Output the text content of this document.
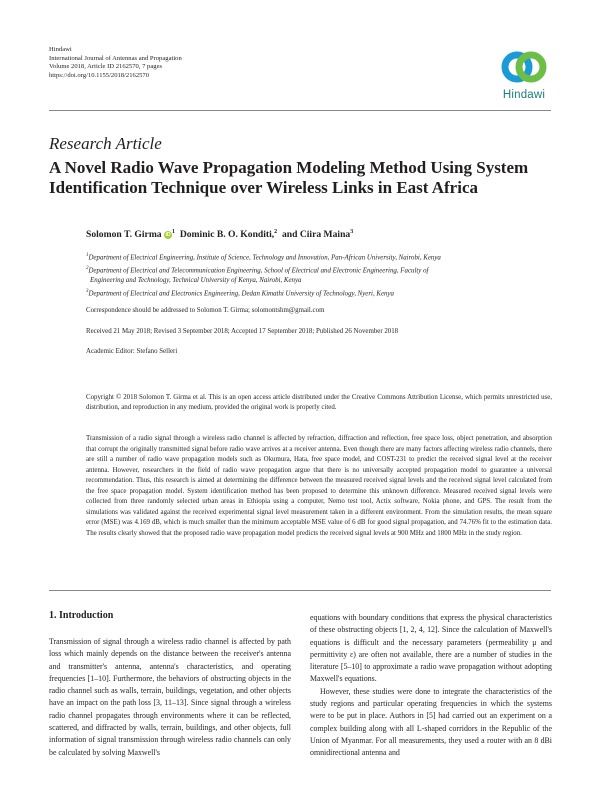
Hindawi
International Journal of Antennas and Propagation
Volume 2018, Article ID 2162570, 7 pages
https://doi.org/10.1155/2018/2162570
Hindawi
Research Article
A Novel Radio Wave Propagation Modeling Method Using System Identification Technique over Wireless Links in East Africa
Solomon T. Girma $iD^1$ Dominic B. O. Konditi,$^2$ and Ciira Maina$^3$
$^1$Department of Electrical Engineering, Institute of Science, Technology and Innovation, Pan-African University, Nairobi, Kenya
$^2$Department of Electrical and Telecommunication Engineering, School of Electrical and Electronic Engineering, Faculty of
Engineering and Technology, Technical University of Kenya, Nairobi, Kenya
$^3$Department of Electrical and Electronics Engineering, Dedan Kimathi University of Technology, Nyeri, Kenya
Correspondence should be addressed to Solomon T. Girma; solomontshm@gmail.com
Received 21 May 2018; Revised 3 September 2018; Accepted 17 September 2018; Published 26 November 2018
Academic Editor: Stefano Selleri
Copyright © 2018 Solomon T. Girma et al. This is an open access article distributed under the Creative Commons Attribution License, which permits unrestricted use, distribution, and reproduction in any medium, provided the original work is properly cited.
Transmission of a radio signal through a wireless radio channel is affected by refraction, diffraction and reflection, free space loss, object penetration, and absorption that corrupt the originally transmitted signal before radio wave arrives at a receiver antenna. Even though there are many factors affecting wireless radio channels, there are still a number of radio wave propagation models such as Okumura, Hata, free space model, and COST-231 to predict the received signal level at the receiver antenna. However, researchers in the field of radio wave propagation argue that there is no universally accepted propagation model to guarantee a universal recommendation. Thus, this research is aimed at determining the difference between the measured received signal levels and the received signal level calculated from the free space propagation model. System identification method has been proposed to determine this unknown difference. Measured received signal levels were collected from three randomly selected urban areas in Ethiopia using a computer, Nemo test tool, Actix software, Nokia phone, and GPS. The result from the simulations was validated against the received experimental signal level measurement taken in a different environment. From the simulation results, the mean square error (MSE) was 4.169 dB, which is much smaller than the minimum acceptable MSE value of 6 dB for good signal propagation, and 74.76% fit to the estimation data. The results clearly showed that the proposed radio wave propagation model predicts the received signal levels at 900 MHz and 1800 MHz in the study region.
1. Introduction

Transmission of signal through a wireless radio channel is affected by path loss which mainly depends on the distance between the receiver's antenna and transmitter's antenna, antenna's characteristics, and operating frequencies [1–10]. Furthermore, the behaviors of obstructing objects in the radio channel such as walls, terrain, buildings, vegetation, and other objects have an impact on the path loss [3, 11–13]. Since signal through a wireless radio channel propagates through environments where it can be reflected, scattered, and diffracted by walls, terrain, buildings, and other objects, full information of signal transmission through wireless radio channels can only be calculated by solving Maxwell's

equations with boundary conditions that express the physical characteristics of these obstructing objects [1, 2, 4, 12]. Since the calculation of Maxwell's equations is difficult and the necessary parameters (permeability μ and permittivity ε) are often not available, there are a number of studies in the literature [5–10] to approximate a radio wave propagation without adopting Maxwell's equations.

However, these studies were done to integrate the characteristics of the study regions and particular operating frequencies in which the systems were to be put in place. Authors in [5] had carried out an experiment on a complex building along with all L-shaped corridors in the Republic of the Union of Myanmar. For all measurements, they used a router with an 8 dBi omnidirectional antenna and
